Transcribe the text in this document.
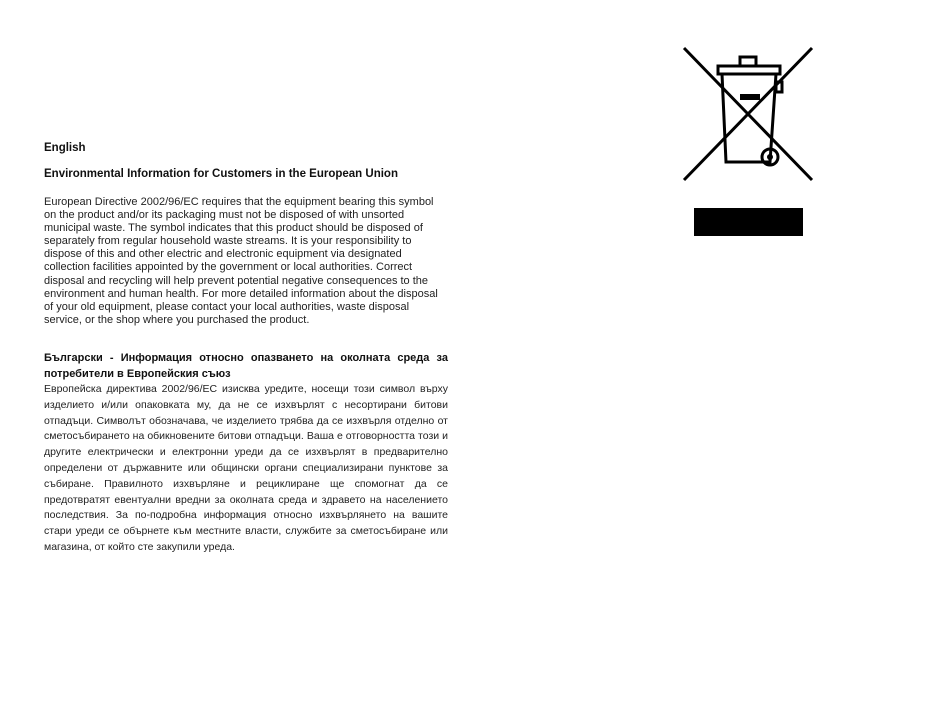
English
Environmental Information for Customers in the European Union
European Directive 2002/96/EC requires that the equipment bearing this symbol
on the product and/or its packaging must not be disposed of with unsorted
municipal waste. The symbol indicates that this product should be disposed of
separately from regular household waste streams. It is your responsibility to
dispose of this and other electric and electronic equipment via designated
collection facilities appointed by the government or local authorities. Correct
disposal and recycling will help prevent potential negative consequences to the
environment and human health. For more detailed information about the disposal
of your old equipment, please contact your local authorities, waste disposal
service, or the shop where you purchased the product.
Български - Информация относно опазването на околната среда за потребители в Европейския съюз
Европейска директива 2002/96/ЕС изисква уредите, носещи този символ върху изделието и/или опаковката му, да не се изхвърлят с несортирани битови отпадъци. Символът обозначава, че изделието трябва да се изхвърля отделно от сметосъбирането на обикновените битови отпадъци. Ваша е отговорността този и другите електрически и електронни уреди да се изхвърлят в предварително определени от държавните или общински органи специализирани пунктове за събиране. Правилното изхвърляне и рециклиране ще спомогнат да се предотвратят евентуални вредни за околната среда и здравето на населението последствия. За по-подробна информация относно изхвърлянето на вашите стари уреди се обърнете към местните власти, службите за сметосъбиране или магазина, от който сте закупили уреда.
